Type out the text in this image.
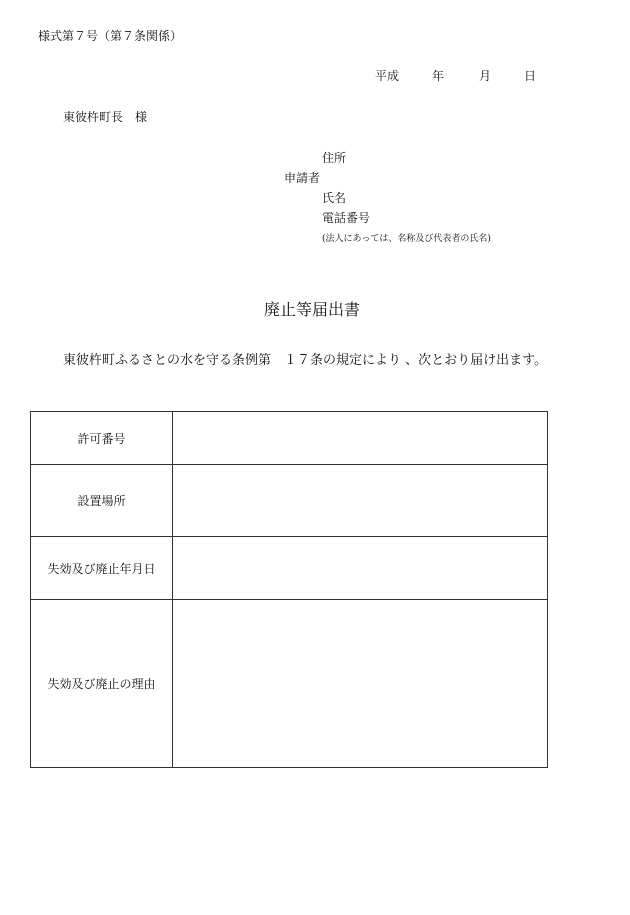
様式第７号（第７条関係）
平成	年	月	日
東彼杵町長　様
住所
申請者
氏名
電話番号
(法人にあっては、名称及び代表者の氏名)
廃止等届出書
東彼杵町ふるさとの水を守る条例第　１７条の規定により 、次とおり届け出ます。
許可番号	
設置場所	
失効及び廃止年月日	
失効及び廃止の理由	
